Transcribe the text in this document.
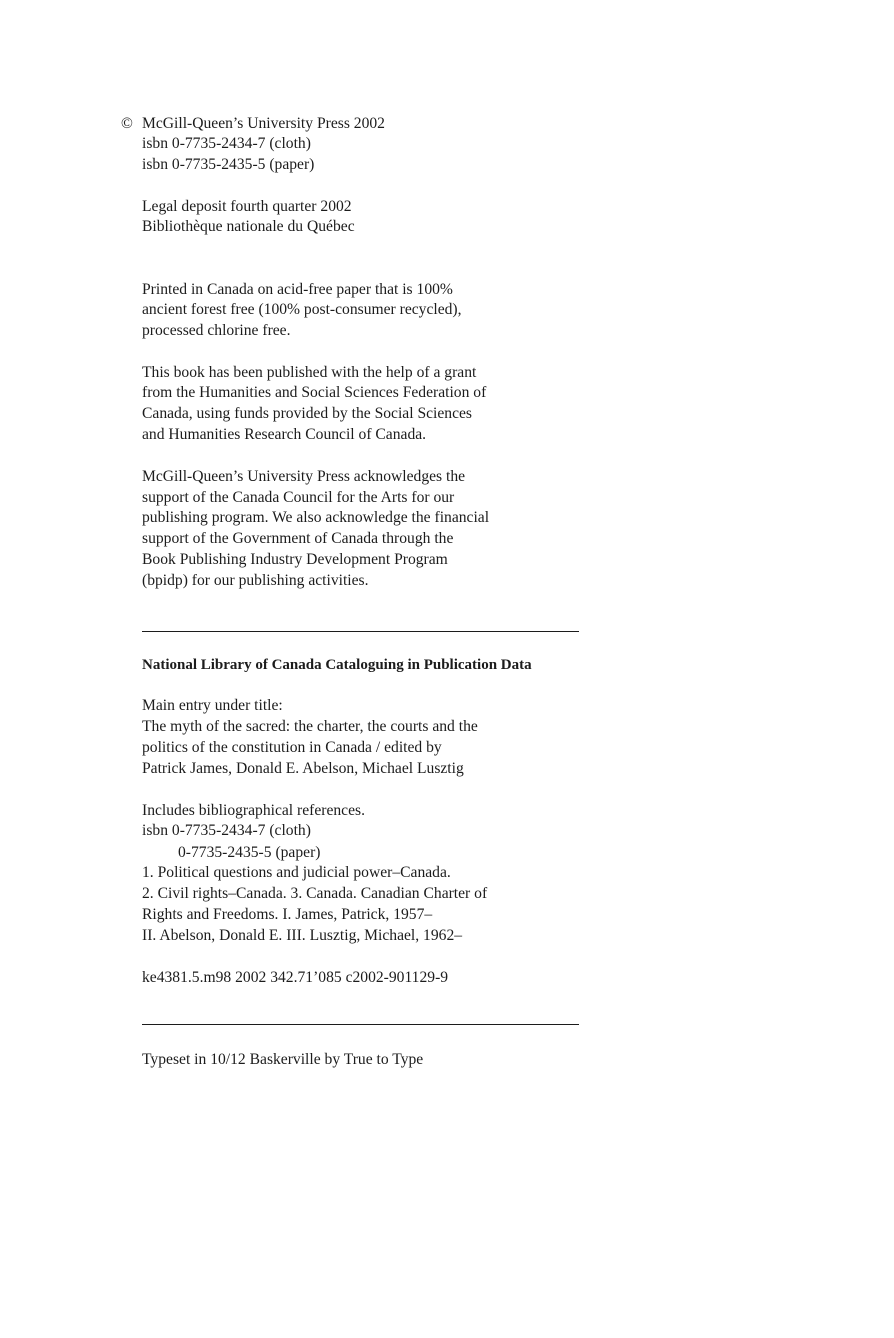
© McGill-Queen’s University Press 2002
isbn 0-7735-2434-7 (cloth)
isbn 0-7735-2435-5 (paper)
Legal deposit fourth quarter 2002
Bibliothèque nationale du Québec
Printed in Canada on acid-free paper that is 100%
ancient forest free (100% post-consumer recycled),
processed chlorine free.
This book has been published with the help of a grant
from the Humanities and Social Sciences Federation of
Canada, using funds provided by the Social Sciences
and Humanities Research Council of Canada.
McGill-Queen’s University Press acknowledges the
support of the Canada Council for the Arts for our
publishing program. We also acknowledge the financial
support of the Government of Canada through the
Book Publishing Industry Development Program
(bpidp) for our publishing activities.
National Library of Canada Cataloguing in Publication Data
Main entry under title:
The myth of the sacred: the charter, the courts and the
politics of the constitution in Canada / edited by
Patrick James, Donald E. Abelson, Michael Lusztig
Includes bibliographical references.
isbn 0-7735-2434-7 (cloth)
0-7735-2435-5 (paper)
1. Political questions and judicial power–Canada.
2. Civil rights–Canada. 3. Canada. Canadian Charter of
Rights and Freedoms. I. James, Patrick, 1957–
II. Abelson, Donald E. III. Lusztig, Michael, 1962–
ke4381.5.m98 2002 342.71’085 c2002-901129-9
Typeset in 10/12 Baskerville by True to Type
